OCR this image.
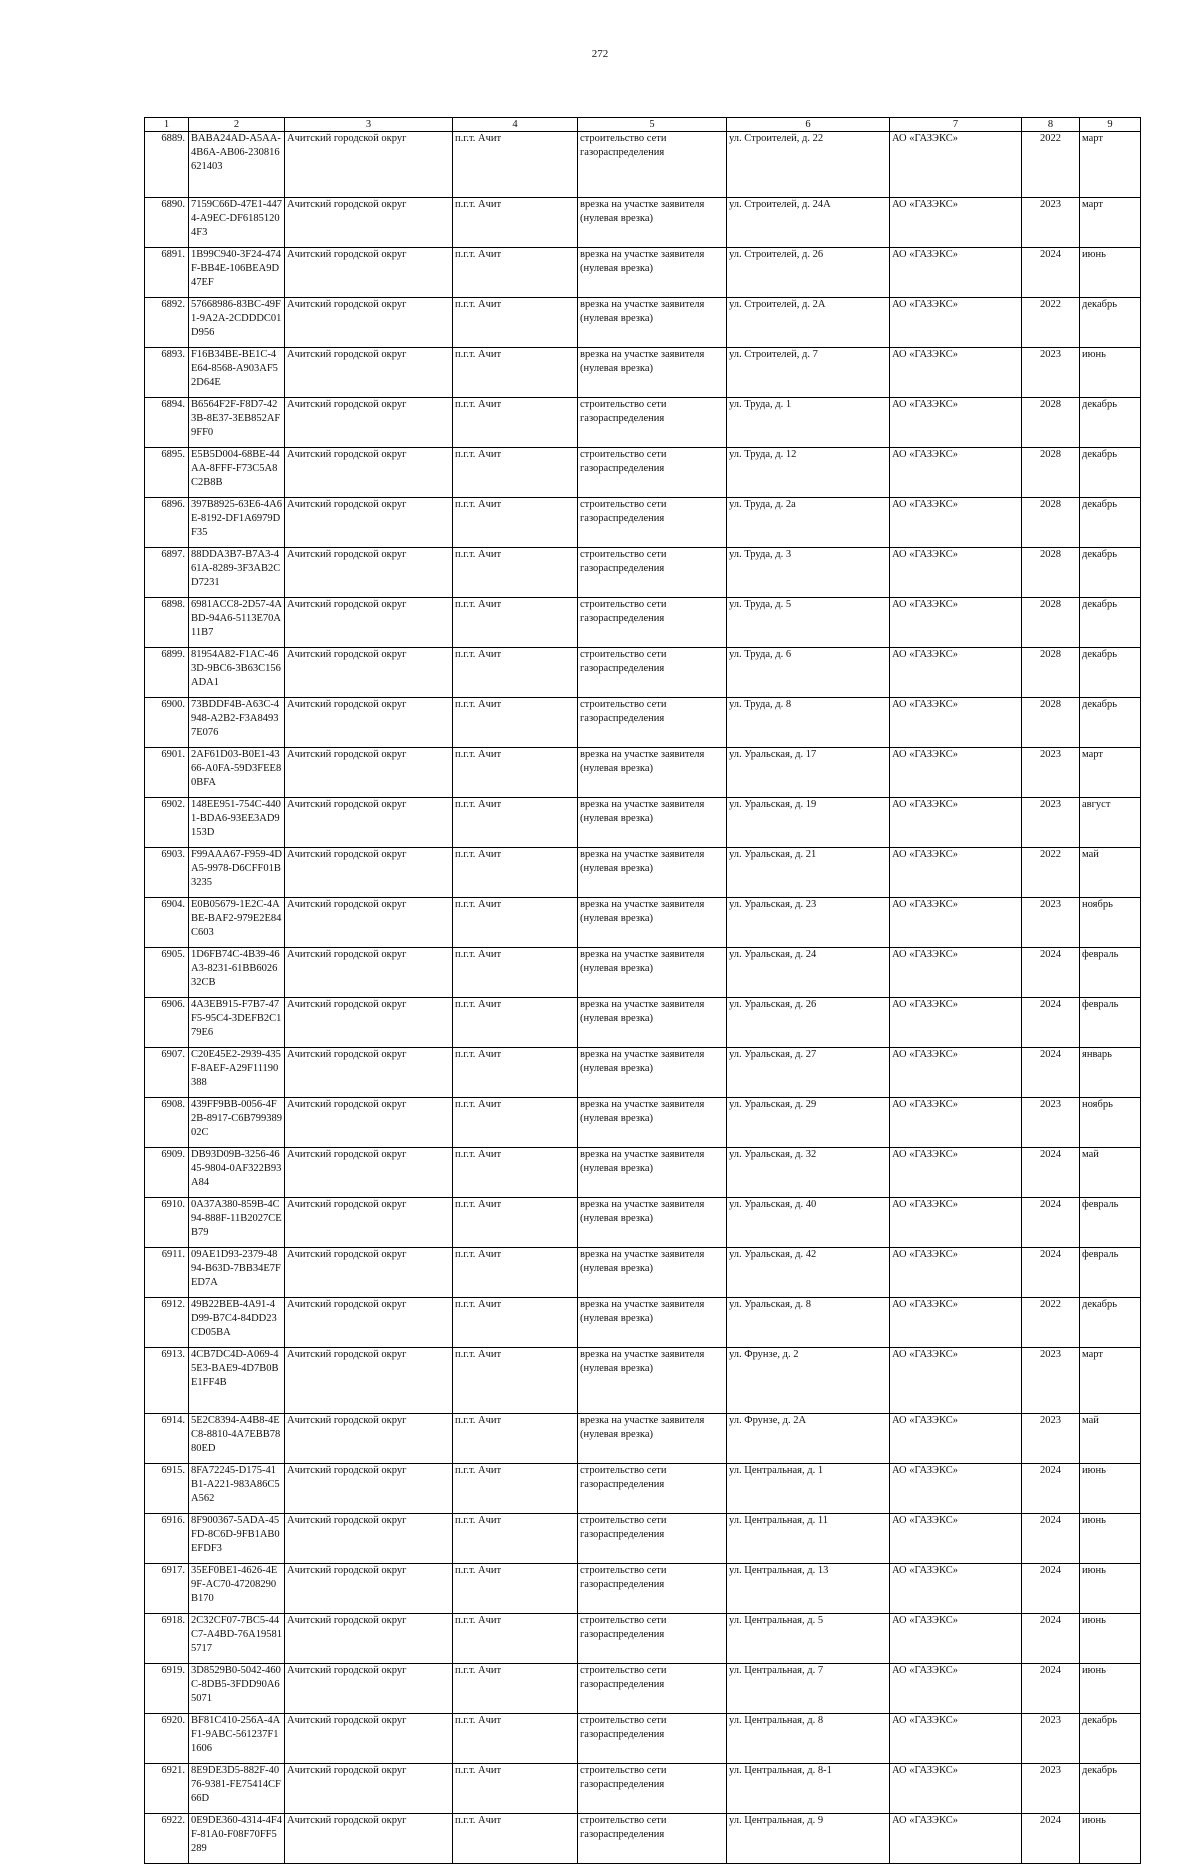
272
1	2	3	4	5	6	7	8	9
6889.	BABA24AD-A5AA-4B6A-AB06-230816621403	Ачитский городской округ	п.г.т. Ачит	строительство сети газораспределения	ул. Строителей, д. 22	АО «ГАЗЭКС»	2022	март
6890.	7159C66D-47E1-4474-A9EC-DF61851204F3	Ачитский городской округ	п.г.т. Ачит	врезка на участке заявителя (нулевая врезка)	ул. Строителей, д. 24А	АО «ГАЗЭКС»	2023	март
6891.	1B99C940-3F24-474F-BB4E-106BEA9D47EF	Ачитский городской округ	п.г.т. Ачит	врезка на участке заявителя (нулевая врезка)	ул. Строителей, д. 26	АО «ГАЗЭКС»	2024	июнь
6892.	57668986-83BC-49F1-9A2A-2CDDDC01D956	Ачитский городской округ	п.г.т. Ачит	врезка на участке заявителя (нулевая врезка)	ул. Строителей, д. 2А	АО «ГАЗЭКС»	2022	декабрь
6893.	F16B34BE-BE1C-4E64-8568-A903AF52D64E	Ачитский городской округ	п.г.т. Ачит	врезка на участке заявителя (нулевая врезка)	ул. Строителей, д. 7	АО «ГАЗЭКС»	2023	июнь
6894.	B6564F2F-F8D7-423B-8E37-3EB852AF9FF0	Ачитский городской округ	п.г.т. Ачит	строительство сети газораспределения	ул. Труда, д. 1	АО «ГАЗЭКС»	2028	декабрь
6895.	E5B5D004-68BE-44AA-8FFF-F73C5A8C2B8B	Ачитский городской округ	п.г.т. Ачит	строительство сети газораспределения	ул. Труда, д. 12	АО «ГАЗЭКС»	2028	декабрь
6896.	397B8925-63E6-4A6E-8192-DF1A6979DF35	Ачитский городской округ	п.г.т. Ачит	строительство сети газораспределения	ул. Труда, д. 2а	АО «ГАЗЭКС»	2028	декабрь
6897.	88DDA3B7-B7A3-461A-8289-3F3AB2CD7231	Ачитский городской округ	п.г.т. Ачит	строительство сети газораспределения	ул. Труда, д. 3	АО «ГАЗЭКС»	2028	декабрь
6898.	6981ACC8-2D57-4ABD-94A6-5113E70A11B7	Ачитский городской округ	п.г.т. Ачит	строительство сети газораспределения	ул. Труда, д. 5	АО «ГАЗЭКС»	2028	декабрь
6899.	81954A82-F1AC-463D-9BC6-3B63C156ADA1	Ачитский городской округ	п.г.т. Ачит	строительство сети газораспределения	ул. Труда, д. 6	АО «ГАЗЭКС»	2028	декабрь
6900.	73BDDF4B-A63C-4948-A2B2-F3A84937E076	Ачитский городской округ	п.г.т. Ачит	строительство сети газораспределения	ул. Труда, д. 8	АО «ГАЗЭКС»	2028	декабрь
6901.	2AF61D03-B0E1-4366-A0FA-59D3FEE80BFA	Ачитский городской округ	п.г.т. Ачит	врезка на участке заявителя (нулевая врезка)	ул. Уральская, д. 17	АО «ГАЗЭКС»	2023	март
6902.	148EE951-754C-4401-BDA6-93EE3AD9153D	Ачитский городской округ	п.г.т. Ачит	врезка на участке заявителя (нулевая врезка)	ул. Уральская, д. 19	АО «ГАЗЭКС»	2023	август
6903.	F99AAA67-F959-4DA5-9978-D6CFF01B3235	Ачитский городской округ	п.г.т. Ачит	врезка на участке заявителя (нулевая врезка)	ул. Уральская, д. 21	АО «ГАЗЭКС»	2022	май
6904.	E0B05679-1E2C-4ABE-BAF2-979E2E84C603	Ачитский городской округ	п.г.т. Ачит	врезка на участке заявителя (нулевая врезка)	ул. Уральская, д. 23	АО «ГАЗЭКС»	2023	ноябрь
6905.	1D6FB74C-4B39-46A3-8231-61BB602632CB	Ачитский городской округ	п.г.т. Ачит	врезка на участке заявителя (нулевая врезка)	ул. Уральская, д. 24	АО «ГАЗЭКС»	2024	февраль
6906.	4A3EB915-F7B7-47F5-95C4-3DEFB2C179E6	Ачитский городской округ	п.г.т. Ачит	врезка на участке заявителя (нулевая врезка)	ул. Уральская, д. 26	АО «ГАЗЭКС»	2024	февраль
6907.	C20E45E2-2939-435F-8AEF-A29F11190388	Ачитский городской округ	п.г.т. Ачит	врезка на участке заявителя (нулевая врезка)	ул. Уральская, д. 27	АО «ГАЗЭКС»	2024	январь
6908.	439FF9BB-0056-4F2B-8917-C6B79938902C	Ачитский городской округ	п.г.т. Ачит	врезка на участке заявителя (нулевая врезка)	ул. Уральская, д. 29	АО «ГАЗЭКС»	2023	ноябрь
6909.	DB93D09B-3256-4645-9804-0AF322B93A84	Ачитский городской округ	п.г.т. Ачит	врезка на участке заявителя (нулевая врезка)	ул. Уральская, д. 32	АО «ГАЗЭКС»	2024	май
6910.	0A37A380-859B-4C94-888F-11B2027CEB79	Ачитский городской округ	п.г.т. Ачит	врезка на участке заявителя (нулевая врезка)	ул. Уральская, д. 40	АО «ГАЗЭКС»	2024	февраль
6911.	09AE1D93-2379-4894-B63D-7BB34E7FED7A	Ачитский городской округ	п.г.т. Ачит	врезка на участке заявителя (нулевая врезка)	ул. Уральская, д. 42	АО «ГАЗЭКС»	2024	февраль
6912.	49B22BEB-4A91-4D99-B7C4-84DD23CD05BA	Ачитский городской округ	п.г.т. Ачит	врезка на участке заявителя (нулевая врезка)	ул. Уральская, д. 8	АО «ГАЗЭКС»	2022	декабрь
6913.	4CB7DC4D-A069-45E3-BAE9-4D7B0BE1FF4B	Ачитский городской округ	п.г.т. Ачит	врезка на участке заявителя (нулевая врезка)	ул. Фрунзе, д. 2	АО «ГАЗЭКС»	2023	март
6914.	5E2C8394-A4B8-4EC8-8810-4A7EBB7880ED	Ачитский городской округ	п.г.т. Ачит	врезка на участке заявителя (нулевая врезка)	ул. Фрунзе, д. 2А	АО «ГАЗЭКС»	2023	май
6915.	8FA72245-D175-41B1-A221-983A86C5A562	Ачитский городской округ	п.г.т. Ачит	строительство сети газораспределения	ул. Центральная, д. 1	АО «ГАЗЭКС»	2024	июнь
6916.	8F900367-5ADA-45FD-8C6D-9FB1AB0EFDF3	Ачитский городской округ	п.г.т. Ачит	строительство сети газораспределения	ул. Центральная, д. 11	АО «ГАЗЭКС»	2024	июнь
6917.	35EF0BE1-4626-4E9F-AC70-47208290B170	Ачитский городской округ	п.г.т. Ачит	строительство сети газораспределения	ул. Центральная, д. 13	АО «ГАЗЭКС»	2024	июнь
6918.	2C32CF07-7BC5-44C7-A4BD-76A195815717	Ачитский городской округ	п.г.т. Ачит	строительство сети газораспределения	ул. Центральная, д. 5	АО «ГАЗЭКС»	2024	июнь
6919.	3D8529B0-5042-460C-8DB5-3FDD90A65071	Ачитский городской округ	п.г.т. Ачит	строительство сети газораспределения	ул. Центральная, д. 7	АО «ГАЗЭКС»	2024	июнь
6920.	BF81C410-256A-4AF1-9ABC-561237F11606	Ачитский городской округ	п.г.т. Ачит	строительство сети газораспределения	ул. Центральная, д. 8	АО «ГАЗЭКС»	2023	декабрь
6921.	8E9DE3D5-882F-4076-9381-FE75414CF66D	Ачитский городской округ	п.г.т. Ачит	строительство сети газораспределения	ул. Центральная, д. 8-1	АО «ГАЗЭКС»	2023	декабрь
6922.	0E9DE360-4314-4F4F-81A0-F08F70FF5289	Ачитский городской округ	п.г.т. Ачит	строительство сети газораспределения	ул. Центральная, д. 9	АО «ГАЗЭКС»	2024	июнь
